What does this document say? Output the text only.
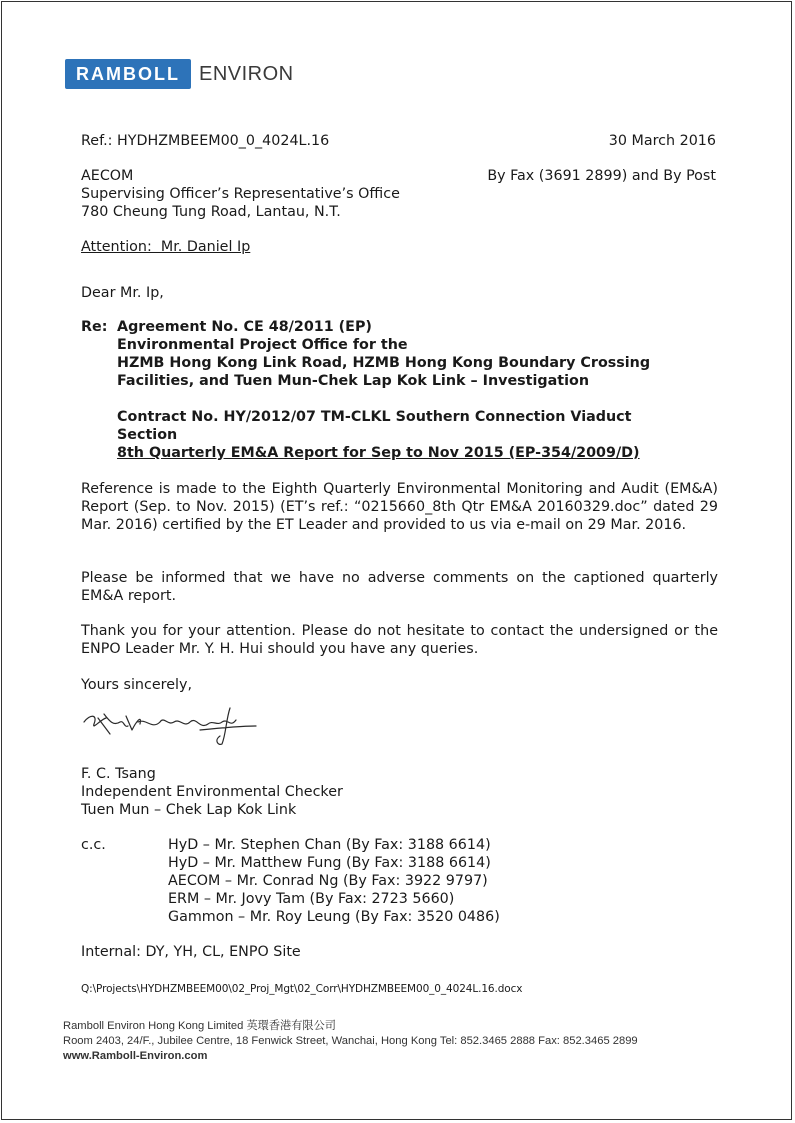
RAMBOLL ENVIRON

Ref.: HYDHZMBEEM00_0_4024L.16	30 March 2016

AECOM
Supervising Officer’s Representative’s Office
780 Cheung Tung Road, Lantau, N.T.

By Fax (3691 2899) and By Post

Attention:  Mr. Daniel Ip

Dear Mr. Ip,

Re: Agreement No. CE 48/2011 (EP)
Environmental Project Office for the
HZMB Hong Kong Link Road, HZMB Hong Kong Boundary Crossing
Facilities, and Tuen Mun-Chek Lap Kok Link – Investigation
Contract No. HY/2012/07 TM-CLKL Southern Connection Viaduct
Section
8th Quarterly EM&A Report for Sep to Nov 2015 (EP-354/2009/D)

Reference is made to the Eighth Quarterly Environmental Monitoring and Audit (EM&A) Report (Sep. to Nov. 2015) (ET’s ref.: “0215660_8th Qtr EM&A 20160329.doc” dated 29 Mar. 2016) certified by the ET Leader and provided to us via e-mail on 29 Mar. 2016.

Please be informed that we have no adverse comments on the captioned quarterly EM&A report.

Thank you for your attention. Please do not hesitate to contact the undersigned or the ENPO Leader Mr. Y. H. Hui should you have any queries.

Yours sincerely,

F. C. Tsang
Independent Environmental Checker
Tuen Mun – Chek Lap Kok Link

c.c.	HyD – Mr. Stephen Chan (By Fax: 3188 6614)
HyD – Mr. Matthew Fung (By Fax: 3188 6614)
AECOM – Mr. Conrad Ng (By Fax: 3922 9797)
ERM – Mr. Jovy Tam (By Fax: 2723 5660)
Gammon – Mr. Roy Leung (By Fax: 3520 0486)

Internal: DY, YH, CL, ENPO Site

Q:\Projects\HYDHZMBEEM00\02_Proj_Mgt\02_Corr\HYDHZMBEEM00_0_4024L.16.docx

Ramboll Environ Hong Kong Limited 英環香港有限公司
Room 2403, 24/F., Jubilee Centre, 18 Fenwick Street, Wanchai, Hong Kong Tel: 852.3465 2888 Fax: 852.3465 2899
www.Ramboll-Environ.com
